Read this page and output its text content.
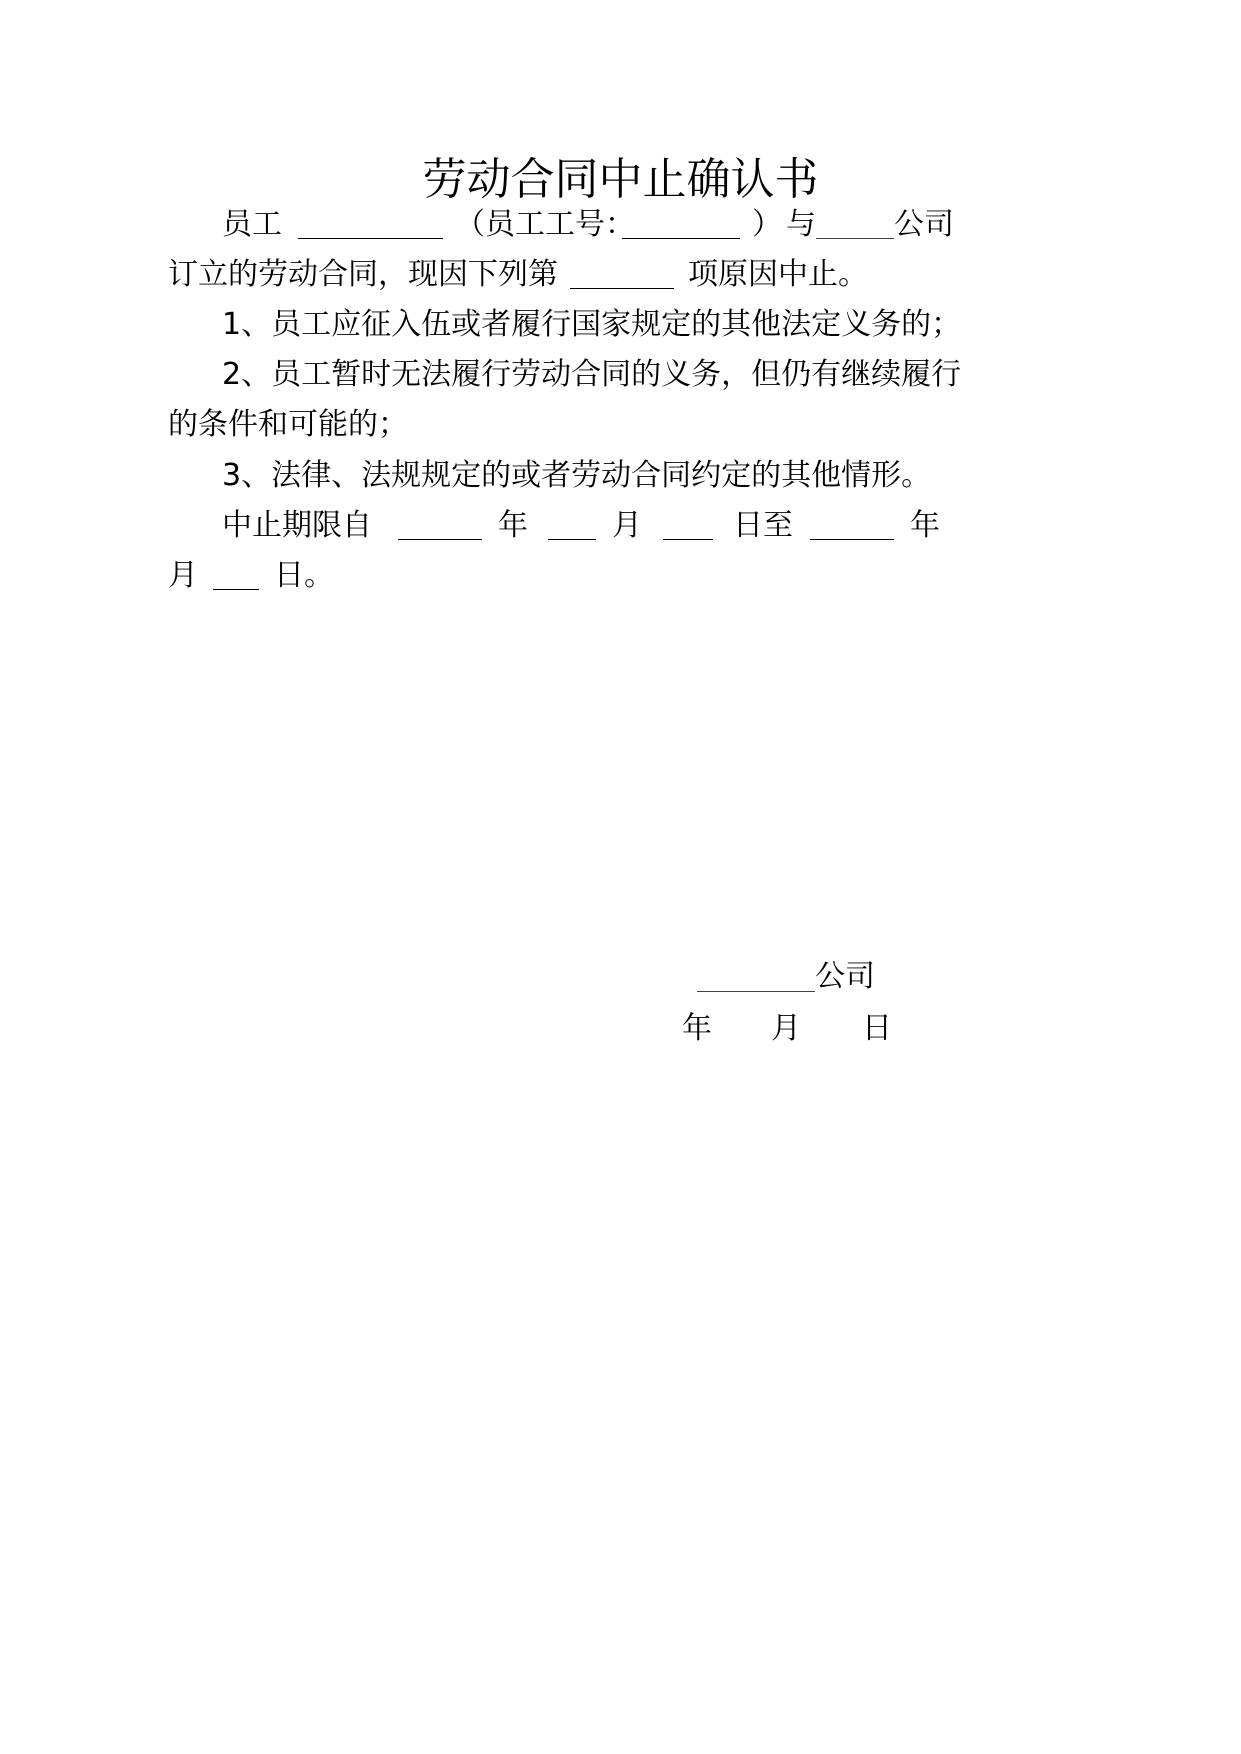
劳动合同中止确认书
员工	（员工工号：	） 与	公司
订立的劳动合同，现因下列第	项原因中止。
1、员工应征入伍或者履行国家规定的其他法定义务的；
2、员工暂时无法履行劳动合同的义务，但仍有继续履行
的条件和可能的；
3、法律、法规规定的或者劳动合同约定的其他情形。
中止期限自	年	月	日至	年
月	日。
公司
年 月 日
